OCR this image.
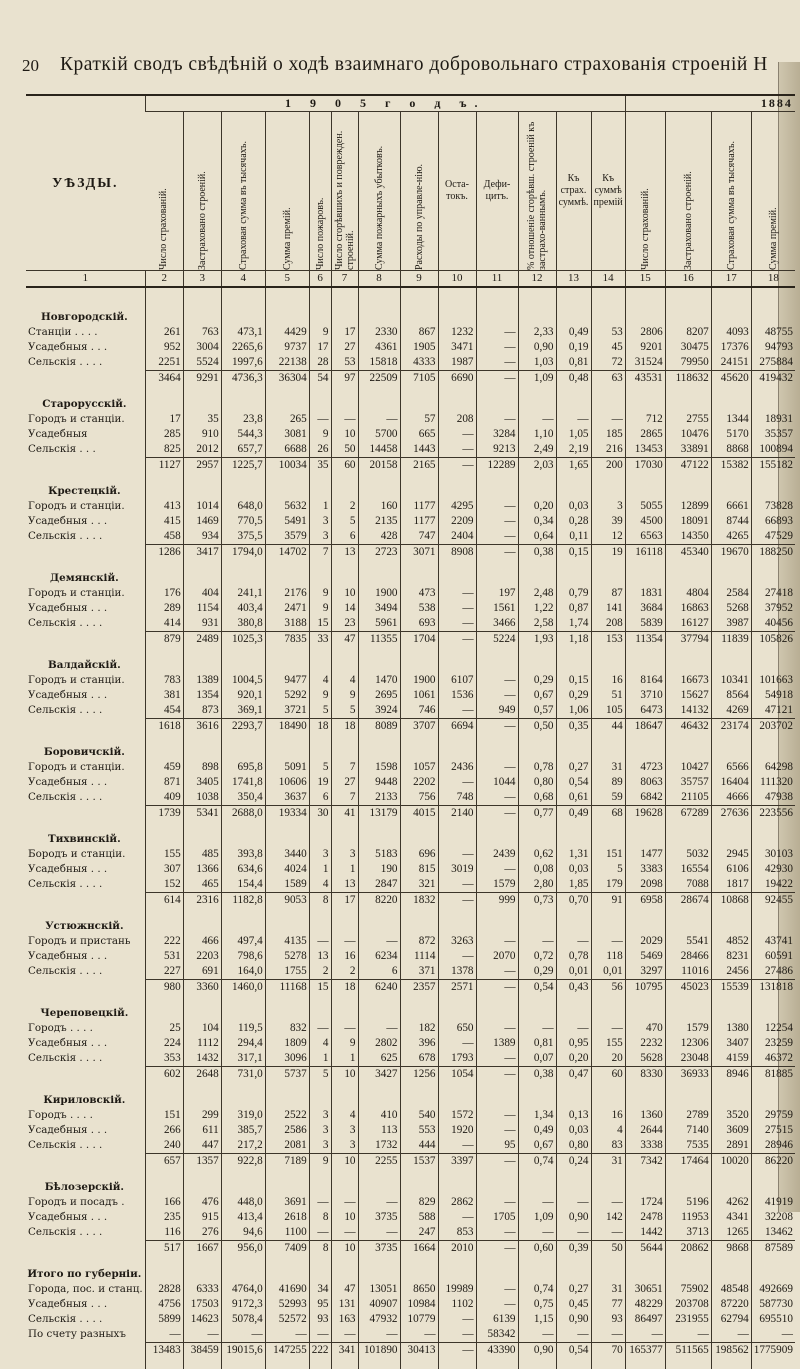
20 Краткій сводъ свѣдѣній о ходѣ взаимнаго добровольнаго страхованія строеній Н
УѢЗДЫ.	1 9 0 5 г о д ъ.													1884			

	Число страхованій.	Застраховано строеній.	Страховая сумма въ тысячахъ.	Сумма премій.	Число пожаровъ.	Число сгорѣвшихъ и поврежден. строеній.	Сумма пожарныхъ убытковъ.	Расходы по управле-нію.	Оста-токъ.	Дефи-цитъ.	% отношеніе сгорѣвш. строеній къ застрахо-ваннымъ.	Къ страх. суммѣ.	Къ суммѣ премій	Число страхованій.	Застраховано строеній.	Страховая сумма въ тысячахъ.	Сумма премій.

1	2	3	4	5	6	7	8	9	10	11	12	13	14	15	16	17	18

Новгородскій.																	
Станціи . . . .	261	763	473,1	4429	9	17	2330	867	1232	—	2,33	0,49	53	2806	8207	4093	48755
Усадебныя . . .	952	3004	2265,6	9737	17	27	4361	1905	3471	—	0,90	0,19	45	9201	30475	17376	94793
Сельскія . . . .	2251	5524	1997,6	22138	28	53	15818	4333	1987	—	1,03	0,81	72	31524	79950	24151	275884
	3464	9291	4736,3	36304	54	97	22509	7105	6690	—	1,09	0,48	63	43531	118632	45620	419432

Старорусскій.																	
Городъ и станціи.	17	35	23,8	265	—	—	—	57	208	—	—	—	—	712	2755	1344	18931
Усадебныя	285	910	544,3	3081	9	10	5700	665	—	3284	1,10	1,05	185	2865	10476	5170	35357
Сельскія . . .	825	2012	657,7	6688	26	50	14458	1443	—	9213	2,49	2,19	216	13453	33891	8868	100894
	1127	2957	1225,7	10034	35	60	20158	2165	—	12289	2,03	1,65	200	17030	47122	15382	155182

Крестецкій.																	
Городъ и станціи.	413	1014	648,0	5632	1	2	160	1177	4295	—	0,20	0,03	3	5055	12899	6661	73828
Усадебныя . . .	415	1469	770,5	5491	3	5	2135	1177	2209	—	0,34	0,28	39	4500	18091	8744	66893
Сельскія . . . .	458	934	375,5	3579	3	6	428	747	2404	—	0,64	0,11	12	6563	14350	4265	47529
	1286	3417	1794,0	14702	7	13	2723	3071	8908	—	0,38	0,15	19	16118	45340	19670	188250

Демянскій.																	
Городъ и станціи.	176	404	241,1	2176	9	10	1900	473	—	197	2,48	0,79	87	1831	4804	2584	27418
Усадебныя . . .	289	1154	403,4	2471	9	14	3494	538	—	1561	1,22	0,87	141	3684	16863	5268	37952
Сельскія . . . .	414	931	380,8	3188	15	23	5961	693	—	3466	2,58	1,74	208	5839	16127	3987	40456
	879	2489	1025,3	7835	33	47	11355	1704	—	5224	1,93	1,18	153	11354	37794	11839	105826

Валдайскій.																	
Городъ и станціи.	783	1389	1004,5	9477	4	4	1470	1900	6107	—	0,29	0,15	16	8164	16673	10341	101663
Усадебныя . . .	381	1354	920,1	5292	9	9	2695	1061	1536	—	0,67	0,29	51	3710	15627	8564	54918
Сельскія . . . .	454	873	369,1	3721	5	5	3924	746	—	949	0,57	1,06	105	6473	14132	4269	47121
	1618	3616	2293,7	18490	18	18	8089	3707	6694	—	0,50	0,35	44	18647	46432	23174	203702

Боровичскій.																	
Городъ и станціи.	459	898	695,8	5091	5	7	1598	1057	2436	—	0,78	0,27	31	4723	10427	6566	64298
Усадебныя . . .	871	3405	1741,8	10606	19	27	9448	2202	—	1044	0,80	0,54	89	8063	35757	16404	111320
Сельскія . . . .	409	1038	350,4	3637	6	7	2133	756	748	—	0,68	0,61	59	6842	21105	4666	47938
	1739	5341	2688,0	19334	30	41	13179	4015	2140	—	0,77	0,49	68	19628	67289	27636	223556

Тихвинскій.																	
Бородъ и станціи.	155	485	393,8	3440	3	3	5183	696	—	2439	0,62	1,31	151	1477	5032	2945	30103
Усадебныя . . .	307	1366	634,6	4024	1	1	190	815	3019	—	0,08	0,03	5	3383	16554	6106	42930
Сельскія . . . .	152	465	154,4	1589	4	13	2847	321	—	1579	2,80	1,85	179	2098	7088	1817	19422
	614	2316	1182,8	9053	8	17	8220	1832	—	999	0,73	0,70	91	6958	28674	10868	92455

Устюжнскій.																	
Городъ и пристань	222	466	497,4	4135	—	—	—	872	3263	—	—	—	—	2029	5541	4852	43741
Усадебныя . . .	531	2203	798,6	5278	13	16	6234	1114	—	2070	0,72	0,78	118	5469	28466	8231	60591
Сельскія . . . .	227	691	164,0	1755	2	2	6	371	1378	—	0,29	0,01	0,01	3297	11016	2456	27486
	980	3360	1460,0	11168	15	18	6240	2357	2571	—	0,54	0,43	56	10795	45023	15539	131818

Череповецкій.																	
Городъ . . . .	25	104	119,5	832	—	—	—	182	650	—	—	—	—	470	1579	1380	12254
Усадебныя . . .	224	1112	294,4	1809	4	9	2802	396	—	1389	0,81	0,95	155	2232	12306	3407	23259
Сельскія . . . .	353	1432	317,1	3096	1	1	625	678	1793	—	0,07	0,20	20	5628	23048	4159	46372
	602	2648	731,0	5737	5	10	3427	1256	1054	—	0,38	0,47	60	8330	36933	8946	81885

Кириловскій.																	
Городъ . . . .	151	299	319,0	2522	3	4	410	540	1572	—	1,34	0,13	16	1360	2789	3520	29759
Усадебныя . . .	266	611	385,7	2586	3	3	113	553	1920	—	0,49	0,03	4	2644	7140	3609	27515
Сельскія . . . .	240	447	217,2	2081	3	3	1732	444	—	95	0,67	0,80	83	3338	7535	2891	28946
	657	1357	922,8	7189	9	10	2255	1537	3397	—	0,74	0,24	31	7342	17464	10020	86220

Бѣлозерскій.																	
Городъ и посадъ .	166	476	448,0	3691	—	—	—	829	2862	—	—	—	—	1724	5196	4262	41919
Усадебныя . . .	235	915	413,4	2618	8	10	3735	588	—	1705	1,09	0,90	142	2478	11953	4341	32208
Сельскія . . . .	116	276	94,6	1100	—	—	—	247	853	—	—	—	—	1442	3713	1265	13462
	517	1667	956,0	7409	8	10	3735	1664	2010	—	0,60	0,39	50	5644	20862	9868	87589

Итого по губерніи.																	
Города, пос. и станц.	2828	6333	4764,0	41690	34	47	13051	8650	19989	—	0,74	0,27	31	30651	75902	48548	492669
Усадебныя . . .	4756	17503	9172,3	52993	95	131	40907	10984	1102	—	0,75	0,45	77	48229	203708	87220	587730
Сельскія . . . .	5899	14623	5078,4	52572	93	163	47932	10779	—	6139	1,15	0,90	93	86497	231955	62794	695510
По счету разныхъ	—	—	—	—	—	—	—	—	—	58342	—	—	—	—	—	—	—
	13483	38459	19015,6	147255	222	341	101890	30413	—	43390	0,90	0,54	70	165377	511565	198562	1775909
